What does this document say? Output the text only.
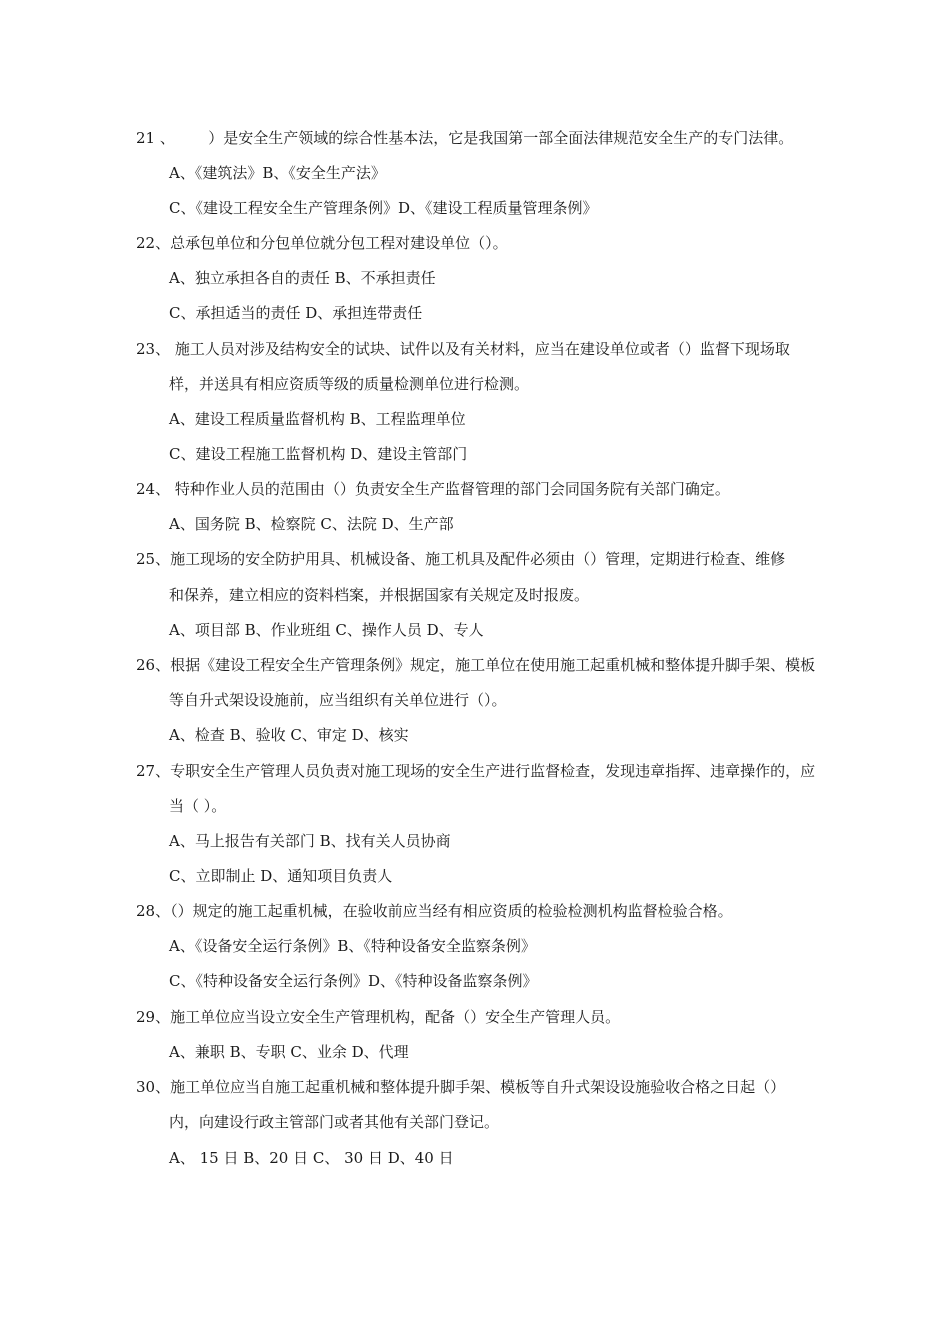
21 、       ）是安全生产领域的综合性基本法，它是我国第一部全面法律规范安全生产的专门法律。
A、《建筑法》B、《安全生产法》
C、《建设工程安全生产管理条例》D、《建设工程质量管理条例》
22、总承包单位和分包单位就分包工程对建设单位（）。
A、独立承担各自的责任 B、不承担责任
C、承担适当的责任 D、承担连带责任
23、 施工人员对涉及结构安全的试块、试件以及有关材料，应当在建设单位或者（）监督下现场取
样，并送具有相应资质等级的质量检测单位进行检测。
A、建设工程质量监督机构 B、工程监理单位
C、建设工程施工监督机构 D、建设主管部门
24、 特种作业人员的范围由（）负责安全生产监督管理的部门会同国务院有关部门确定。
A、国务院 B、检察院 C、法院 D、生产部
25、施工现场的安全防护用具、机械设备、施工机具及配件必须由（）管理，定期进行检查、维修
和保养，建立相应的资料档案，并根据国家有关规定及时报废。
A、项目部 B、作业班组 C、操作人员 D、专人
26、根据《建设工程安全生产管理条例》规定，施工单位在使用施工起重机械和整体提升脚手架、模板
等自升式架设设施前，应当组织有关单位进行（）。
A、检查 B、验收 C、审定 D、核实
27、专职安全生产管理人员负责对施工现场的安全生产进行监督检查，发现违章指挥、违章操作的，应
当（ ）。
A、马上报告有关部门 B、找有关人员协商
C、立即制止 D、通知项目负责人
28、（）规定的施工起重机械，在验收前应当经有相应资质的检验检测机构监督检验合格。
A、《设备安全运行条例》B、《特种设备安全监察条例》
C、《特种设备安全运行条例》D、《特种设备监察条例》
29、施工单位应当设立安全生产管理机构，配备（）安全生产管理人员。
A、兼职 B、专职 C、业余 D、代理
30、施工单位应当自施工起重机械和整体提升脚手架、模板等自升式架设设施验收合格之日起（）
内，向建设行政主管部门或者其他有关部门登记。
A、 15 日 B、20 日 C、 30 日 D、40 日
